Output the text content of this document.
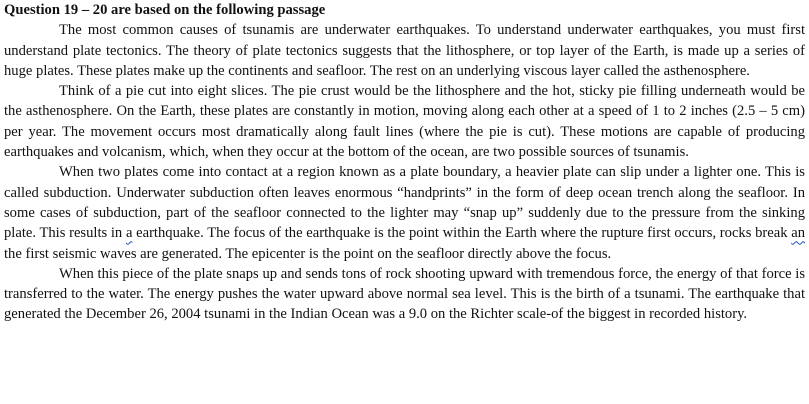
Question 19 – 20 are based on the following passage

The most common causes of tsunamis are underwater earthquakes. To understand underwater earthquakes, you must first understand plate tectonics. The theory of plate tectonics suggests that the lithosphere, or top layer of the Earth, is made up a series of huge plates. These plates make up the continents and seafloor. The rest on an underlying viscous layer called the asthenosphere.

Think of a pie cut into eight slices. The pie crust would be the lithosphere and the hot, sticky pie filling underneath would be the asthenosphere. On the Earth, these plates are constantly in motion, moving along each other at a speed of 1 to 2 inches (2.5 – 5 cm) per year. The movement occurs most dramatically along fault lines (where the pie is cut). These motions are capable of producing earthquakes and volcanism, which, when they occur at the bottom of the ocean, are two possible sources of tsunamis.

When two plates come into contact at a region known as a plate boundary, a heavier plate can slip under a lighter one. This is called subduction. Underwater subduction often leaves enormous “handprints” in the form of deep ocean trench along the seafloor. In some cases of subduction, part of the seafloor connected to the lighter may “snap up” suddenly due to the pressure from the sinking plate. This results in a earthquake. The focus of the earthquake is the point within the Earth where the rupture first occurs, rocks break an the first seismic waves are generated. The epicenter is the point on the seafloor directly above the focus.

When this piece of the plate snaps up and sends tons of rock shooting upward with tremendous force, the energy of that force is transferred to the water. The energy pushes the water upward above normal sea level. This is the birth of a tsunami. The earthquake that generated the December 26, 2004 tsunami in the Indian Ocean was a 9.0 on the Richter scale-of the biggest in recorded history.
